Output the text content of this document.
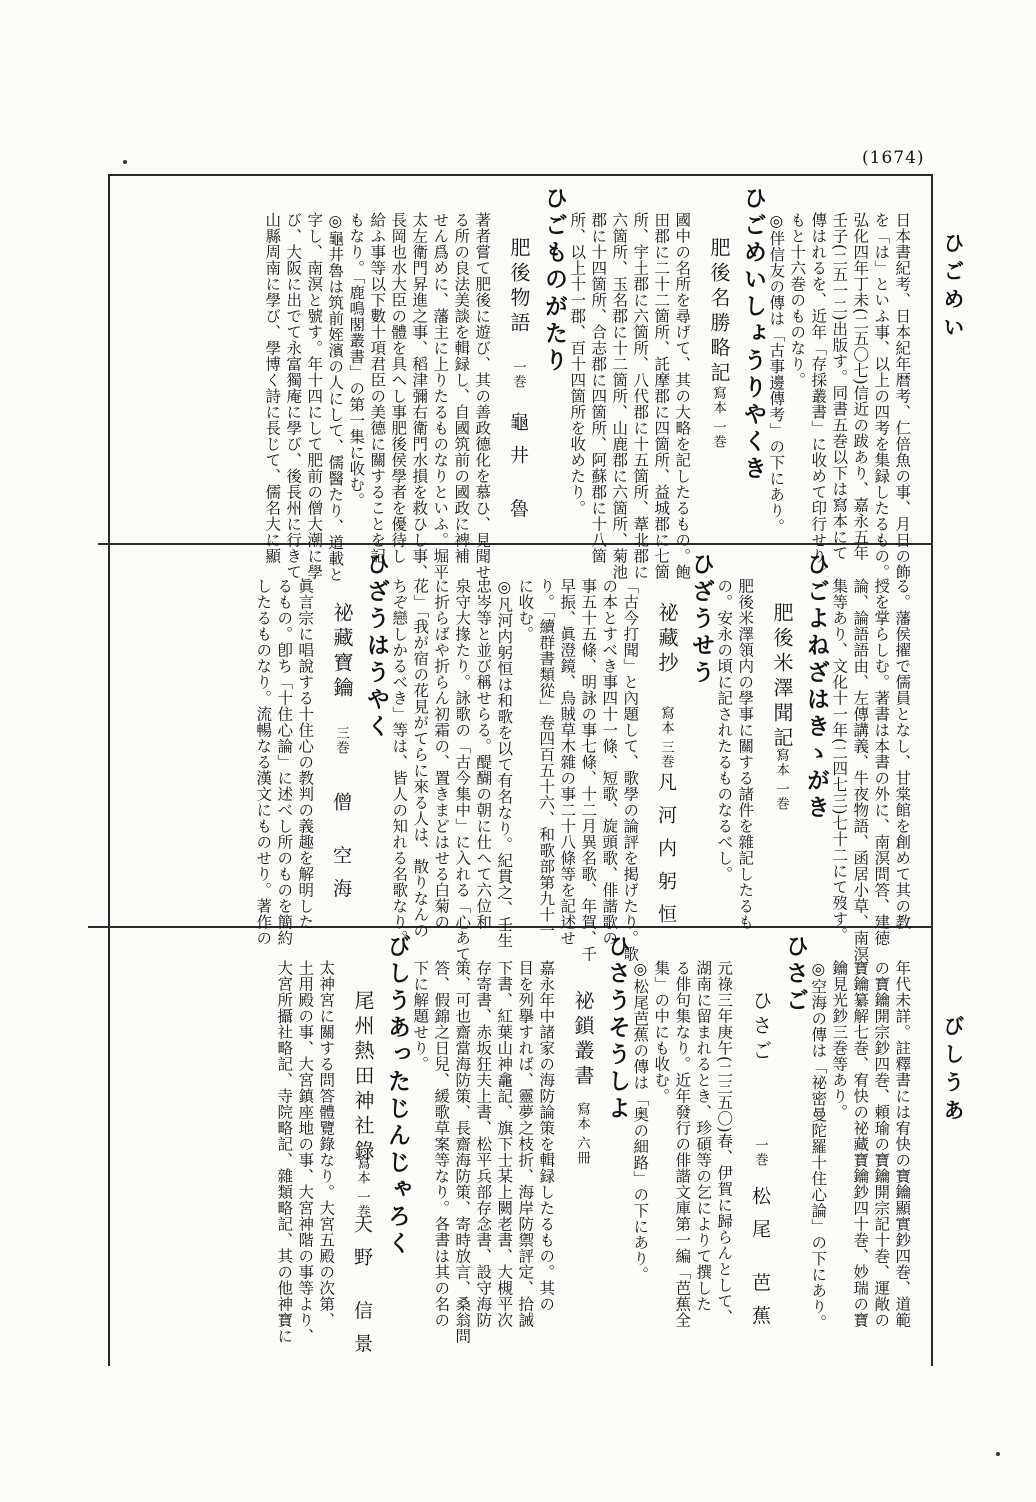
(1674)
ひごめい
びしうあ
日本書紀考、日本紀年暦考、仁倍魚の事、月日の飾
を「は」といふ事、以上の四考を集録したるもの。
弘化四年丁未(二五〇七)信近の跋あり、嘉永五年
壬子(二五一二)出版す。同書五巻以下は寫本にて
傳はれるを、近年「存採叢書」に收めて印行せり。
もと十六巻のものなり。
◎伴信友の傳は「古事邊傳考」の下にあり。
ひごめいしょうりやくき
肥後名勝略記
寫本 一巻
國中の名所を尋げて、其の大略を記したるもの。飽
田郡に二十二箇所、託摩郡に四箇所、益城郡に七箇
所、宇土郡に六箇所、八代郡に十五箇所、葦北郡に
六箇所、玉名郡に十二箇所、山鹿郡に六箇所、菊池
郡に十四箇所、合志郡に四箇所、阿蘇郡に十八箇
所、以上十一郡、百十四箇所を收めたり。
ひごものがたり
肥後物語
一巻
龜井 魯
著者嘗て肥後に遊び、其の善政德化を慕ひ、見聞せ
る所の良法美談を輯録し、自國筑前の國政に裨補
せん爲めに、藩主に上りたるものなりといふ。堀平
太左衛門昇進之事、稻津彌右衛門水損を救ひし事、
長岡也水大臣の體を具へし事肥後侯學者を優待し
給ふ事等以下數十項君臣の美德に關することを記
もなり。「鹿鳴閣叢書」の第一集に收む。
◎龜井魯は筑前姪濱の人にして、儒醫たり、道載と
字し、南溟と號す。年十四にして肥前の僧大潮に學
び、大阪に出でて永富獨庵に學び、後長州に行きて
山縣周南に學び、學博く詩に長じて、儒名大に顯
る。藩侯擢で儒員となし、甘棠館を創めて其の教
授を掌らしむ。著書は本書の外に、南溟問答、建徳
論、論語語由、左傳講義、牛夜物語、函居小草、南溟
集等あり、文化十一年(二四七三)七十二にて歿す。
ひごよねざはきゝがき
肥後米澤聞記
寫本 一巻
肥後米澤領内の學事に關する諸件を雜記したるも
の。安永の頃に記されたるものなるべし。
ひざうせう
祕藏抄
寫本 三巻
凡河内躬恒
「古今打聞」と內題して、歌學の論評を掲げたり。歌
の本とすべき事四十一條、短歌、旋頭歌、俳諧歌の
事五十五條、明詠の事七條、十二月異名歌、年賀、千
早振、眞澄鏡、烏賊草木雜の事二十八條等を記述せ
り。「續群書類從」卷四百五十六、和歌部第九十一
に收む。
◎凡河内躬恒は和歌を以て有名なり。紀貫之、壬生
忠岑等と並び稱せらる。醍醐の朝に仕へて六位和
泉守大掾たり。詠歌の「古今集中」に入れる「心あて
に折らばや折らん初霜の、置きまどはせる白菊の
花」「我が宿の花見がてらに來る人は、散りなんの
ちぞ戀しかるべき」等は、皆人の知れる名歌なり。
ひざうはうやく
祕藏寶鑰
三巻
僧 空海
眞言宗に唱說する十住心の教判の義趣を解明した
るもの。卽ち「十住心論」に述べし所のものを簡約
したるものなり。流暢なる漢文にものせり。著作の
年代未詳。註釋書には宥快の寶鑰顯實鈔四巻、道範
の寶鑰開宗鈔四巻、頼瑜の寶鑰開宗記十巻、運敞の
寶鑰纂解七巻、宥快の祕藏寶鑰鈔四十巻、妙瑞の寶
鑰見光鈔三巻等あり。
◎空海の傳は「祕密曼陀羅十住心論」の下にあり。
ひさご
ひさご
一巻
松尾 芭蕉
元祿三年庚午(二三五〇)春、伊賀に歸らんとして、
湖南に留まれるとき、珍碩等の乞によりて撰した
る俳句集なり。近年發行の俳諧文庫第一編「芭蕉全
集」の中にも收む。
◎松尾芭蕉の傳は「奥の細路」の下にあり。
ひさうそうしよ
祕鎖叢書
寫本 六冊
嘉永年中諸家の海防論策を輯録したるもの。其の
目を列擧すれば、靈夢之枝折、海岸防禦評定、拾誡
下書、紅葉山神龕記、旗下士某上闕老書、大槻平次
存寄書、赤坂狂夫上書、松平兵部存念書、設守海防
策、可也齋當海防策、長齋海防策、寄時放言、桑翁問
答、假錦之日兒、緩歌草案等なり。各書は其の名の
下に解題せり。
びしうあったじんじゃろく
尾州熱田神社錄
寫本 一巻
天野 信景
太神宮に關する問答體覽錄なり。大宮五殿の次第、
土用殿の事、大宮鎮座地の事、大宮神階の事等より、
大宮所攝社略記、寺院略記、雜類略記、其の他神寶に
